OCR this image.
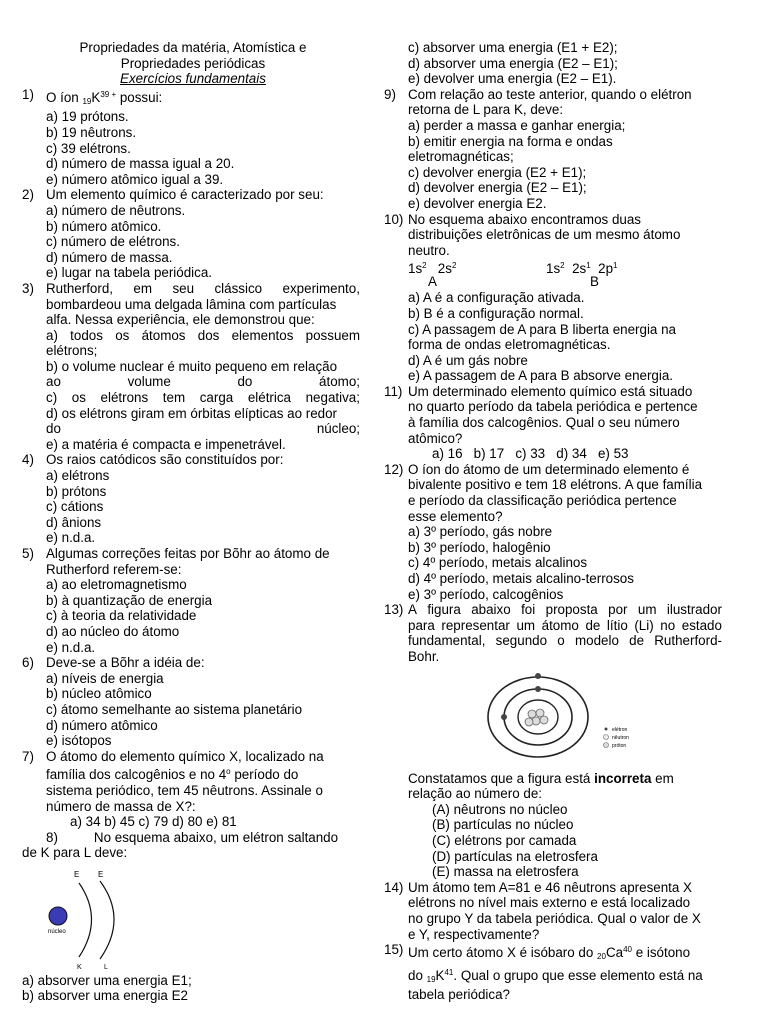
Propriedades da matéria, Atomística e
Propriedades periódicas
Exercícios fundamentais
1) O íon $_{19}K^{39 +}$ possui:
a) 19 prótons.
b) 19 nêutrons.
c) 39 elétrons.
d) número de massa igual a 20.
e) número atômico igual a 39.
2) Um elemento químico é caracterizado por seu:
a) número de nêutrons.
b) número atômico.
c) número de elétrons.
d) número de massa.
e) lugar na tabela periódica.
3) Rutherford, em seu clássico experimento,
bombardeou uma delgada lâmina com partículas
alfa. Nessa experiência, ele demonstrou que:
a) todos os átomos dos elementos possuem
elétrons;
b) o volume nuclear é muito pequeno em relação
ao	volume	do	átomo;
c) os elétrons tem carga elétrica negativa;
d) os elétrons giram em órbitas elípticas ao redor
do	núcleo;
e) a matéria é compacta e impenetrável.
4) Os raios catódicos são constituídos por:
a) elétrons
b) prótons
c) cátions
d) ânions
e) n.d.a.
5) Algumas correções feitas por Bõhr ao átomo de
Rutherford referem-se:
a) ao eletromagnetismo
b) à quantização de energia
c) à teoria da relatividade
d) ao núcleo do átomo
e) n.d.a.
6) Deve-se a Bõhr a idéia de:
a) níveis de energia
b) núcleo atômico
c) átomo semelhante ao sistema planetário
d) número atômico
e) isótopos
7) O átomo do elemento químico X, localizado na
família dos calcogênios e no 4$^o$ período do
sistema periódico, tem 45 nêutrons. Assinale o
número de massa de X?:
a) 34 b) 45 c) 79 d) 80 e) 81
8)	No esquema abaixo, um elétron saltando
de K para L deve:
E E
K	L
núcleo
a) absorver uma energia E1;
b) absorver uma energia E2
c) absorver uma energia (E1 + E2);
d) absorver uma energia (E2 – E1);
e) devolver uma energia (E2 – E1).
9) Com relação ao teste anterior, quando o elétron
retorna de L para K, deve:
a) perder a massa e ganhar energia;
b) emitir energia na forma e ondas
eletromagnéticas;
c) devolver energia (E2 + E1);
d) devolver energia (E2 – E1);
e) devolver energia E2.
10) No esquema abaixo encontramos duas
distribuições eletrônicas de um mesmo átomo
neutro.
$1s^2$ $2s^2$	$1s^2$ $2s^1$ $2p^1$
A	B
a) A é a configuração ativada.
b) B é a configuração normal.
c) A passagem de A para B liberta energia na
forma de ondas eletromagnéticas.
d) A é um gás nobre
e) A passagem de A para B absorve energia.
11) Um determinado elemento químico está situado
no quarto período da tabela periódica e pertence
à família dos calcogênios. Qual o seu número
atômico?
a) 16   b) 17   c) 33   d) 34   e) 53
12) O íon do átomo de um determinado elemento é
bivalente positivo e tem 18 elétrons. A que família
e período da classificação periódica pertence
esse elemento?
a) 3º período, gás nobre
b) 3º período, halogênio
c) 4º período, metais alcalinos
d) 4º período, metais alcalino-terrosos
e) 3º período, calcogênios
13) A figura abaixo foi proposta por um ilustrador
para representar um átomo de lítio (Li) no estado
fundamental, segundo o modelo de Rutherford-
Bohr.
elétron
nêutron
próton
Constatamos que a figura está incorreta em
relação ao número de:
(A) nêutrons no núcleo
(B) partículas no núcleo
(C) elétrons por camada
(D) partículas na eletrosfera
(E) massa na eletrosfera
14) Um átomo tem A=81 e 46 nêutrons apresenta X
elétrons no nível mais externo e está localizado
no grupo Y da tabela periódica. Qual o valor de X
e Y, respectivamente?
15) Um certo átomo X é isóbaro do $_{20}Ca^{40}$ e isótono
do $_{19}K^{41}$. Qual o grupo que esse elemento está na
tabela periódica?
